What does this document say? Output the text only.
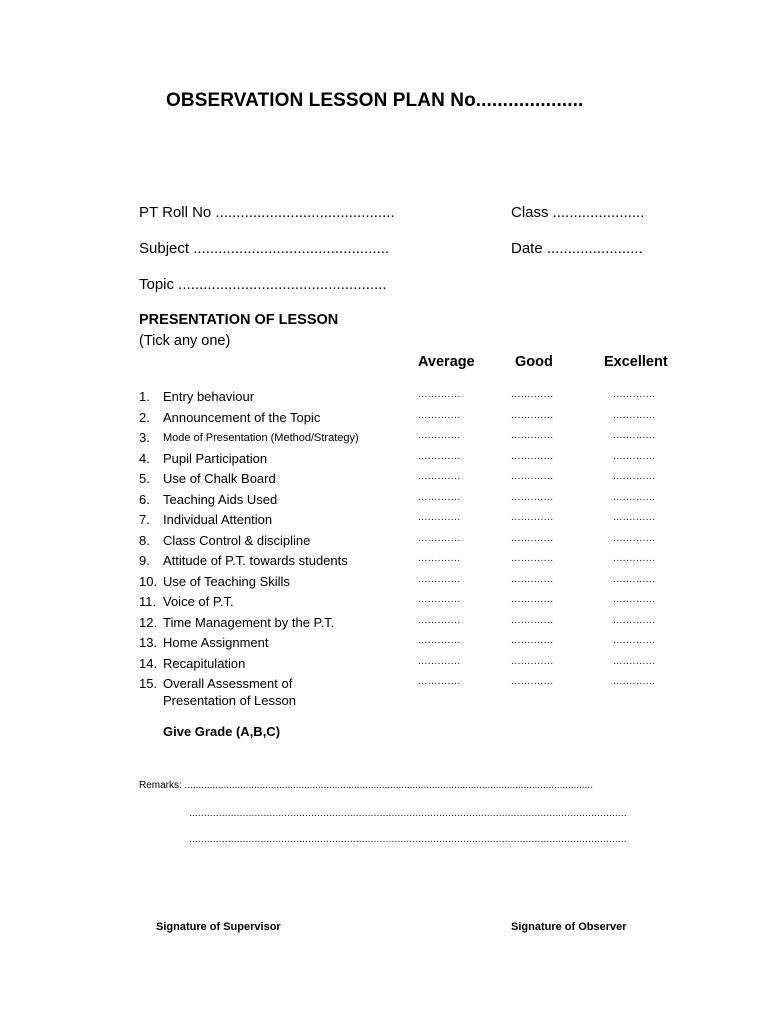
OBSERVATION LESSON PLAN No....................
PT Roll No ...........................................	Class ......................
Subject ...............................................	Date .......................
Topic ..................................................
PRESENTATION OF LESSON
(Tick any one)
Average	Good	Excellent
1. Entry behaviour	.............	.............	.............
2. Announcement of the Topic	.............	.............	.............
3. Mode of Presentation (Method/Strategy)	.............	.............	.............
4. Pupil Participation	.............	.............	.............
5. Use of Chalk Board	.............	.............	.............
6. Teaching Aids Used	.............	.............	.............
7. Individual Attention	.............	.............	.............
8. Class Control & discipline	.............	.............	.............
9. Attitude of P.T. towards students	.............	.............	.............
10. Use of Teaching Skills	.............	.............	.............
11. Voice of P.T.	.............	.............	.............
12. Time Management by the P.T.	.............	.............	.............
13. Home Assignment	.............	.............	.............
14. Recapitulation	.............	.............	.............
15. Overall Assessment of	.............	.............	.............
Presentation of Lesson
Give Grade (A,B,C)
Remarks: ...................................................................................................................................................
...................................................................................................................................................
...................................................................................................................................................
Signature of Supervisor	Signature of Observer
